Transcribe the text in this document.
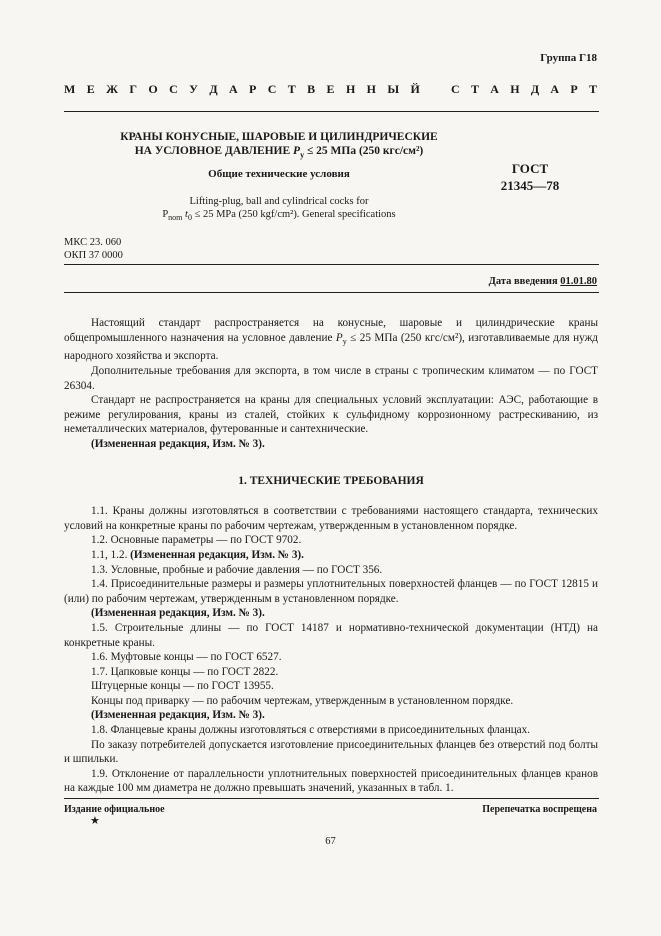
Группа Г18
М Е Ж Г О С У Д А Р С Т В Е Н Н Ы Й	С Т А Н Д А Р Т
КРАНЫ КОНУСНЫЕ, ШАРОВЫЕ И ЦИЛИНДРИЧЕСКИЕ
НА УСЛОВНОЕ ДАВЛЕНИЕ $P_y \le 25$ МПа (250 кгс/см²)
Общие технические условия
Lifting-plug, ball and cylindrical cocks for
$P_{nom}$ $t_0 \le 25$ MPa (250 kgf/cm²). General specifications
ГОСТ
21345—78
МКС 23. 060
ОКП 37 0000
Дата введения 01.01.80

Настоящий стандарт распространяется на конусные, шаровые и цилиндрические краны общепромышленного назначения на условное давление $P_y \le 25$ МПа (250 кгс/см²), изготавливаемые для нужд народного хозяйства и экспорта.

Дополнительные требования для экспорта, в том числе в страны с тропическим климатом — по ГОСТ 26304.

Стандарт не распространяется на краны для специальных условий эксплуатации: АЭС, работающие в режиме регулирования, краны из сталей, стойких к сульфидному коррозионному растрескиванию, из неметаллических материалов, футерованные и сантехнические.

(Измененная редакция, Изм. № 3).

1. ТЕХНИЧЕСКИЕ ТРЕБОВАНИЯ

1.1. Краны должны изготовляться в соответствии с требованиями настоящего стандарта, технических условий на конкретные краны по рабочим чертежам, утвержденным в установленном порядке.

1.2. Основные параметры — по ГОСТ 9702.

1.1, 1.2. (Измененная редакция, Изм. № 3).

1.3. Условные, пробные и рабочие давления — по ГОСТ 356.

1.4. Присоединительные размеры и размеры уплотнительных поверхностей фланцев — по ГОСТ 12815 и (или) по рабочим чертежам, утвержденным в установленном порядке.

(Измененная редакция, Изм. № 3).

1.5. Строительные длины — по ГОСТ 14187 и нормативно-технической документации (НТД) на конкретные краны.

1.6. Муфтовые концы — по ГОСТ 6527.

1.7. Цапковые концы — по ГОСТ 2822.

Штуцерные концы — по ГОСТ 13955.

Концы под приварку — по рабочим чертежам, утвержденным в установленном порядке.

(Измененная редакция, Изм. № 3).

1.8. Фланцевые краны должны изготовляться с отверстиями в присоединительных фланцах.

По заказу потребителей допускается изготовление присоединительных фланцев без отверстий под болты и шпильки.

1.9. Отклонение от параллельности уплотнительных поверхностей присоединительных фланцев кранов на каждые 100 мм диаметра не должно превышать значений, указанных в табл. 1.

Издание официальное	Перепечатка воспрещена
★
67
